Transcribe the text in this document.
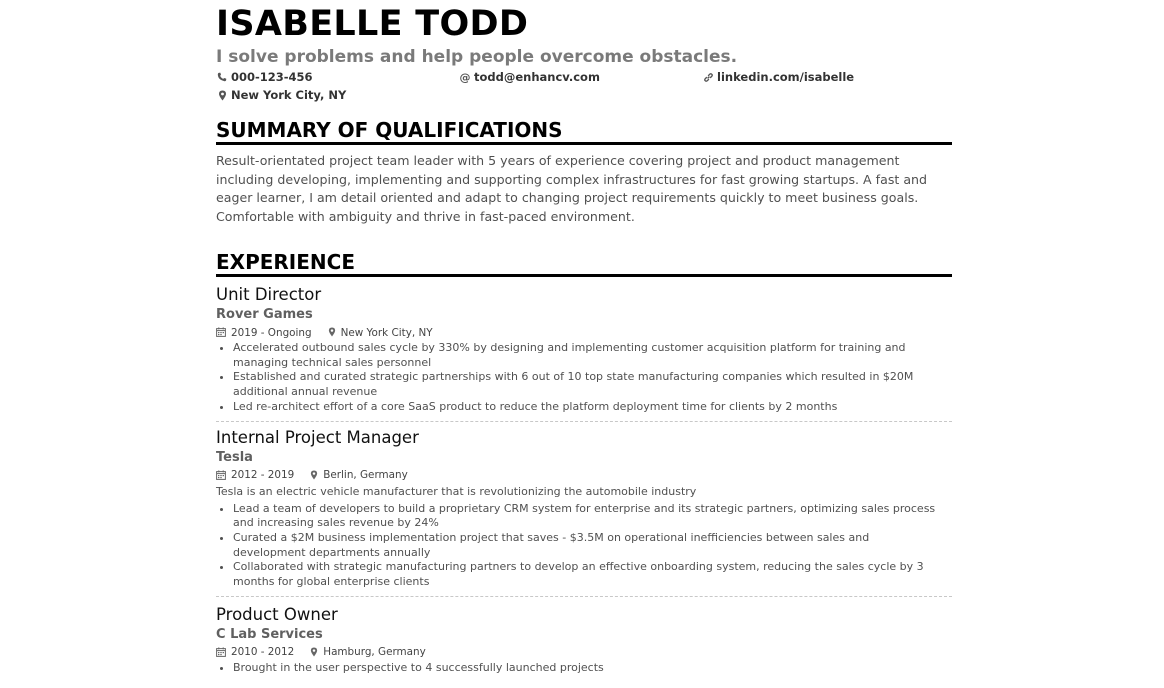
ISABELLE TODD
I solve problems and help people overcome obstacles.
000-123-456	@ todd@enhancv.com	linkedin.com/isabelle
New York City, NY
SUMMARY OF QUALIFICATIONS
Result-orientated project team leader with 5 years of experience covering project and product management including developing, implementing and supporting complex infrastructures for fast growing startups. A fast and eager learner, I am detail oriented and adapt to changing project requirements quickly to meet business goals. Comfortable with ambiguity and thrive in fast-paced environment.
EXPERIENCE
Unit Director
Rover Games
2019 - Ongoing	New York City, NY
• Accelerated outbound sales cycle by 330% by designing and implementing customer acquisition platform for training and managing technical sales personnel
• Established and curated strategic partnerships with 6 out of 10 top state manufacturing companies which resulted in $20M additional annual revenue
• Led re-architect effort of a core SaaS product to reduce the platform deployment time for clients by 2 months
Internal Project Manager
Tesla
2012 - 2019	Berlin, Germany
Tesla is an electric vehicle manufacturer that is revolutionizing the automobile industry
• Lead a team of developers to build a proprietary CRM system for enterprise and its strategic partners, optimizing sales process and increasing sales revenue by 24%
• Curated a $2M business implementation project that saves - $3.5M on operational inefficiencies between sales and development departments annually
• Collaborated with strategic manufacturing partners to develop an effective onboarding system, reducing the sales cycle by 3 months for global enterprise clients
Product Owner
C Lab Services
2010 - 2012	Hamburg, Germany
• Brought in the user perspective to 4 successfully launched projects
